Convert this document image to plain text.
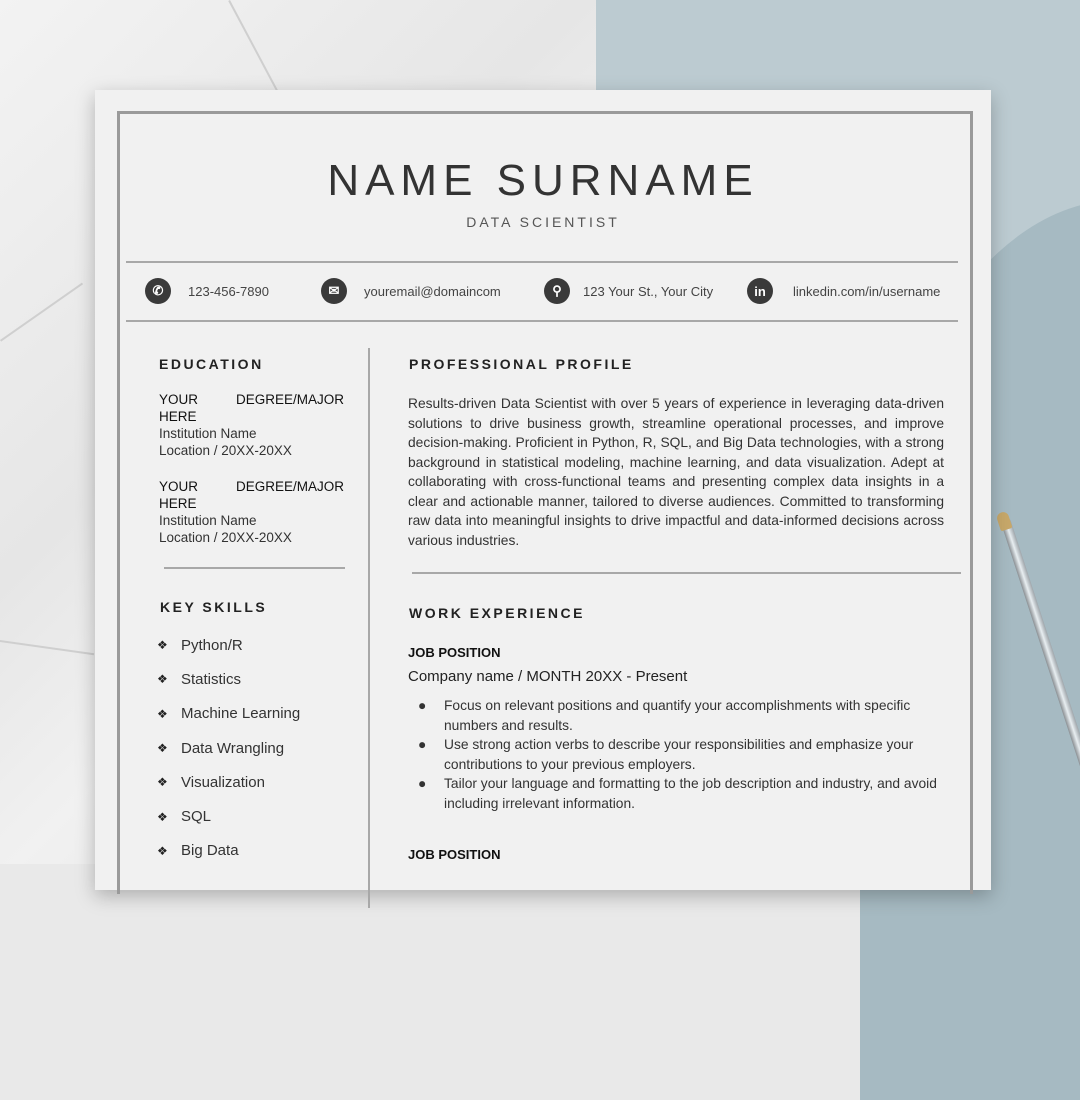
NAME SURNAME
DATA SCIENTIST
✆	123-456-7890	✉	youremail@domaincom	⚲	123 Your St., Your City	in	linkedin.com/in/username
EDUCATION
YOUR	DEGREE/MAJOR
HERE
Institution Name
Location / 20XX-20XX
YOUR	DEGREE/MAJOR
HERE
Institution Name
Location / 20XX-20XX
KEY SKILLS
❖ Python/R
❖ Statistics
❖ Machine Learning
❖ Data Wrangling
❖ Visualization
❖ SQL
❖ Big Data
PROFESSIONAL PROFILE
Results-driven Data Scientist with over 5 years of experience in leveraging data-driven solutions to drive business growth, streamline operational processes, and improve decision-making. Proficient in Python, R, SQL, and Big Data technologies, with a strong background in statistical modeling, machine learning, and data visualization. Adept at collaborating with cross-functional teams and presenting complex data insights in a clear and actionable manner, tailored to diverse audiences. Committed to transforming raw data into meaningful insights to drive impactful and data-informed decisions across various industries.
WORK EXPERIENCE
JOB POSITION
Company name / MONTH 20XX - Present
● Focus on relevant positions and quantify your accomplishments with specific numbers and results.
● Use strong action verbs to describe your responsibilities and emphasize your contributions to your previous employers.
● Tailor your language and formatting to the job description and industry, and avoid including irrelevant information.
JOB POSITION
